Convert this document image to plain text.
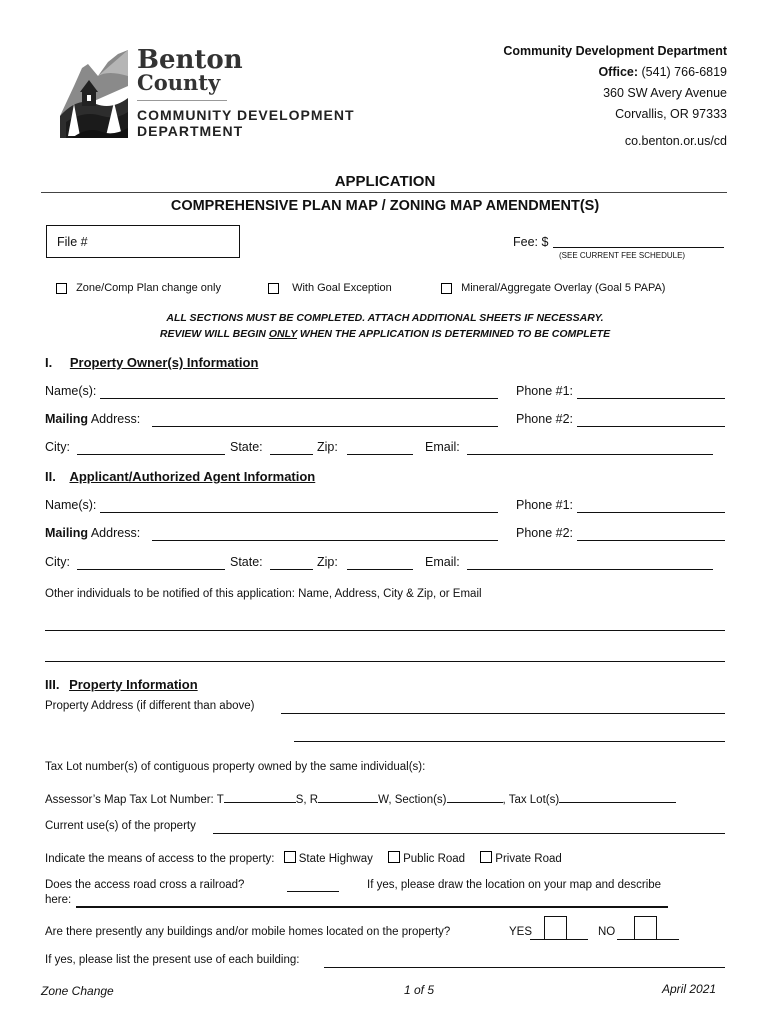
Benton
County
COMMUNITY DEVELOPMENT
DEPARTMENT
Community Development Department
Office: (541) 766-6819
360 SW Avery Avenue
Corvallis, OR 97333
co.benton.or.us/cd
APPLICATION
COMPREHENSIVE PLAN MAP / ZONING MAP AMENDMENT(S)
File #	Fee: $
(SEE CURRENT FEE SCHEDULE)
Zone/Comp Plan change only	With Goal Exception	Mineral/Aggregate Overlay (Goal 5 PAPA)
ALL SECTIONS MUST BE COMPLETED. ATTACH ADDITIONAL SHEETS IF NECESSARY.
REVIEW WILL BEGIN ONLY WHEN THE APPLICATION IS DETERMINED TO BE COMPLETE
I. Property Owner(s) Information
Name(s):	Phone #1:
Mailing Address:	Phone #2:
City:	State:	Zip:	Email:
II. Applicant/Authorized Agent Information
Name(s):	Phone #1:
Mailing Address:	Phone #2:
City:	State:	Zip:	Email:
Other individuals to be notified of this application: Name, Address, City & Zip, or Email
III. Property Information
Property Address (if different than above)
Tax Lot number(s) of contiguous property owned by the same individual(s):
Assessor’s Map Tax Lot Number: T	S, R	W, Section(s)	, Tax Lot(s)
Current use(s) of the property
Indicate the means of access to the property: State Highway	Public Road	Private Road
Does the access road cross a railroad?	If yes, please draw the location on your map and describe
here:
Are there presently any buildings and/or mobile homes located on the property?	YES	NO
If yes, please list the present use of each building:
Zone Change	1 of 5	April 2021
